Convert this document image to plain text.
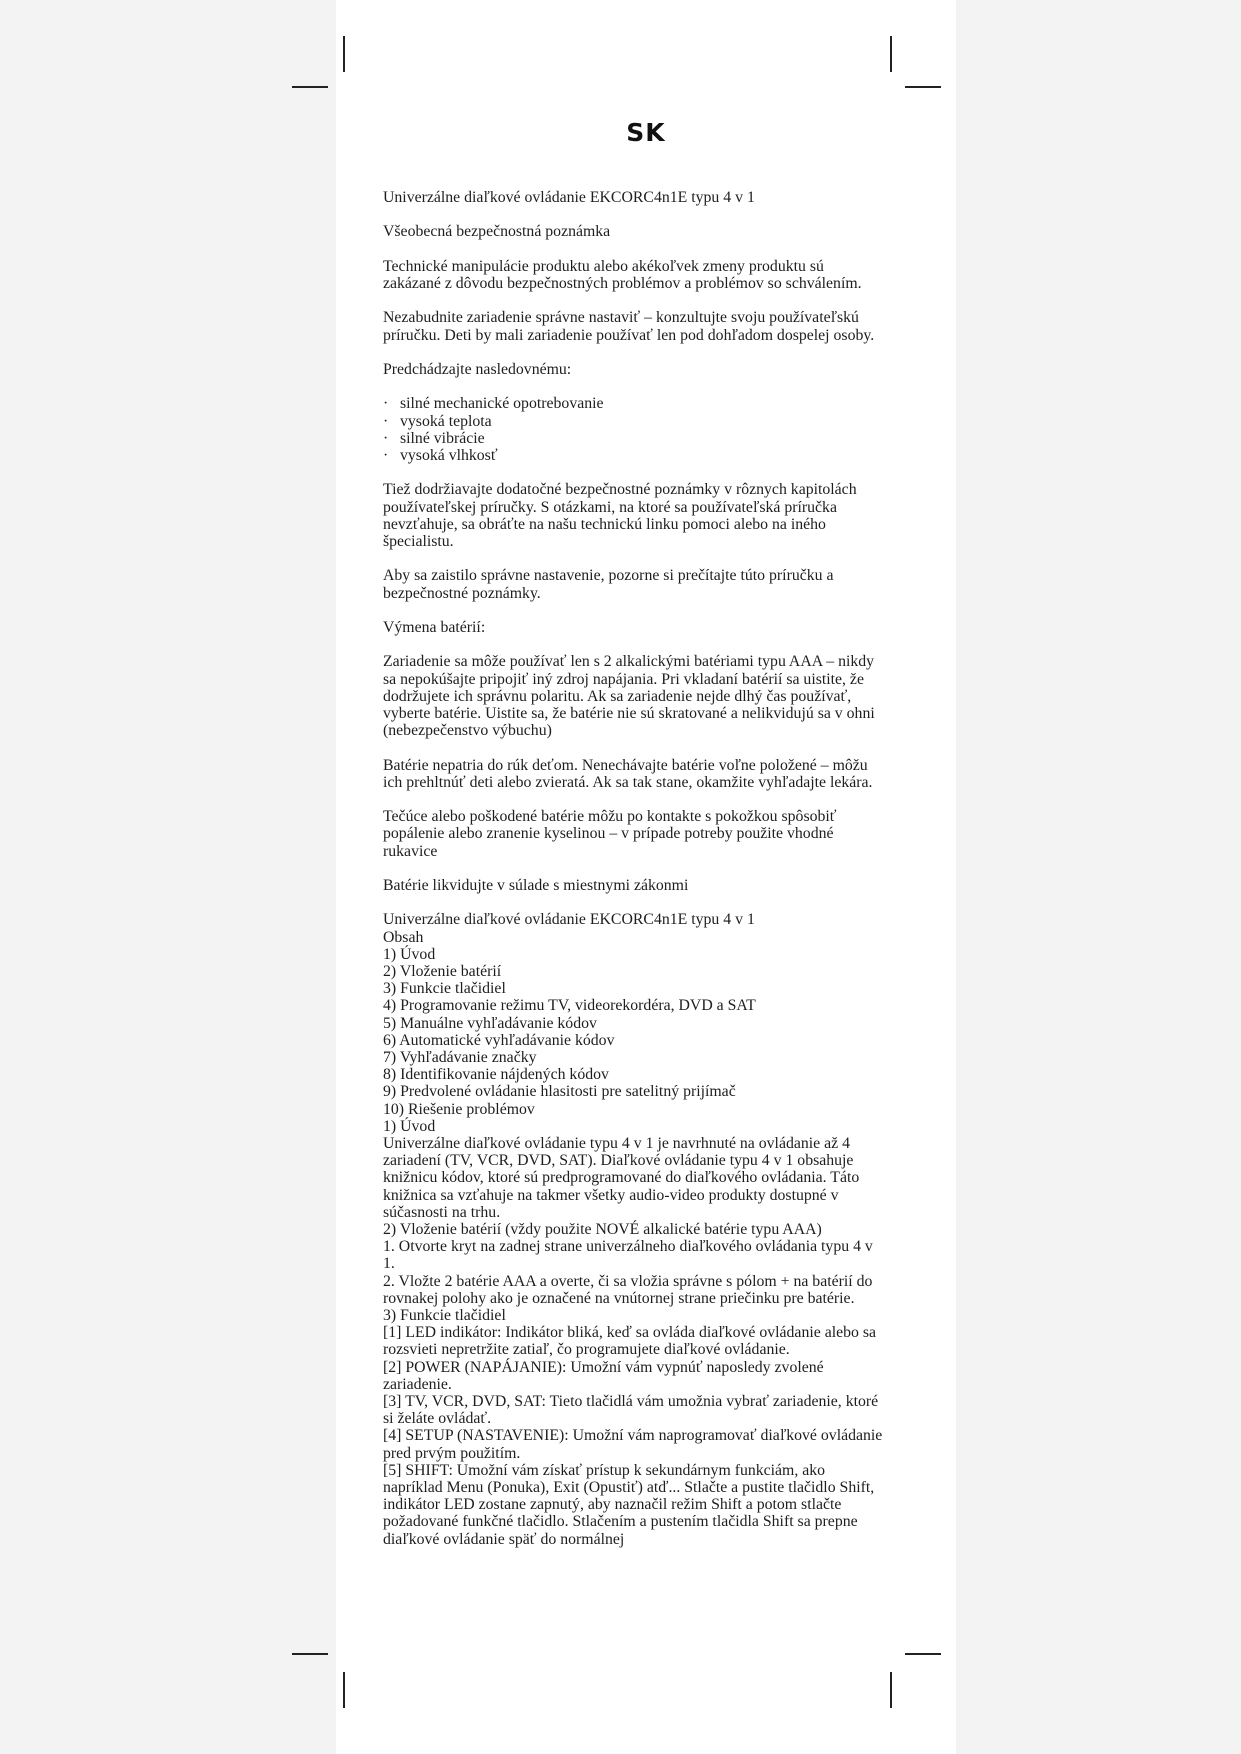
SK

Univerzálne diaľkové ovládanie EKCORC4n1E typu 4 v 1

Všeobecná bezpečnostná poznámka

Technické manipulácie produktu alebo akékoľvek zmeny produktu sú zakázané z dôvodu bezpečnostných problémov a problémov so schválením.

Nezabudnite zariadenie správne nastaviť – konzultujte svoju používateľskú príručku. Deti by mali zariadenie používať len pod dohľadom dospelej osoby.

Predchádzajte nasledovnému:

· silné mechanické opotrebovanie
· vysoká teplota
· silné vibrácie
· vysoká vlhkosť

Tiež dodržiavajte dodatočné bezpečnostné poznámky v rôznych kapitolách používateľskej príručky. S otázkami, na ktoré sa používateľská príručka nevzťahuje, sa obráťte na našu technickú linku pomoci alebo na iného špecialistu.

Aby sa zaistilo správne nastavenie, pozorne si prečítajte túto príručku a bezpečnostné poznámky.

Výmena batérií:

Zariadenie sa môže používať len s 2 alkalickými batériami typu AAA – nikdy sa nepokúšajte pripojiť iný zdroj napájania. Pri vkladaní batérií sa uistite, že dodržujete ich správnu polaritu. Ak sa zariadenie nejde dlhý čas používať, vyberte batérie. Uistite sa, že batérie nie sú skratované a nelikvidujú sa v ohni (nebezpečenstvo výbuchu)

Batérie nepatria do rúk deťom. Nenechávajte batérie voľne položené – môžu ich prehltnúť deti alebo zvieratá. Ak sa tak stane, okamžite vyhľadajte lekára.

Tečúce alebo poškodené batérie môžu po kontakte s pokožkou spôsobiť popálenie alebo zranenie kyselinou – v prípade potreby použite vhodné rukavice

Batérie likvidujte v súlade s miestnymi zákonmi

Univerzálne diaľkové ovládanie EKCORC4n1E typu 4 v 1
Obsah
1) Úvod
2) Vloženie batérií
3) Funkcie tlačidiel
4) Programovanie režimu TV, videorekordéra, DVD a SAT
5) Manuálne vyhľadávanie kódov
6) Automatické vyhľadávanie kódov
7) Vyhľadávanie značky
8) Identifikovanie nájdených kódov
9) Predvolené ovládanie hlasitosti pre satelitný prijímač
10) Riešenie problémov
1) Úvod
Univerzálne diaľkové ovládanie typu 4 v 1 je navrhnuté na ovládanie až 4 zariadení (TV, VCR, DVD, SAT). Diaľkové ovládanie typu 4 v 1 obsahuje knižnicu kódov, ktoré sú predprogramované do diaľkového ovládania. Táto knižnica sa vzťahuje na takmer všetky audio-video produkty dostupné v súčasnosti na trhu.
2) Vloženie batérií (vždy použite NOVÉ alkalické batérie typu AAA)
1. Otvorte kryt na zadnej strane univerzálneho diaľkového ovládania typu 4 v 1.
2. Vložte 2 batérie AAA a overte, či sa vložia správne s pólom + na batérií do rovnakej polohy ako je označené na vnútornej strane priečinku pre batérie.
3) Funkcie tlačidiel
[1] LED indikátor: Indikátor bliká, keď sa ovláda diaľkové ovládanie alebo sa rozsvieti nepretržite zatiaľ, čo programujete diaľkové ovládanie.
[2] POWER (NAPÁJANIE): Umožní vám vypnúť naposledy zvolené zariadenie.
[3] TV, VCR, DVD, SAT: Tieto tlačidlá vám umožnia vybrať zariadenie, ktoré si želáte ovládať.
[4] SETUP (NASTAVENIE): Umožní vám naprogramovať diaľkové ovládanie pred prvým použitím.
[5] SHIFT: Umožní vám získať prístup k sekundárnym funkciám, ako napríklad Menu (Ponuka), Exit (Opustiť) atď... Stlačte a pustite tlačidlo Shift, indikátor LED zostane zapnutý, aby naznačil režim Shift a potom stlačte požadované funkčné tlačidlo. Stlačením a pustením tlačidla Shift sa prepne diaľkové ovládanie späť do normálnej
